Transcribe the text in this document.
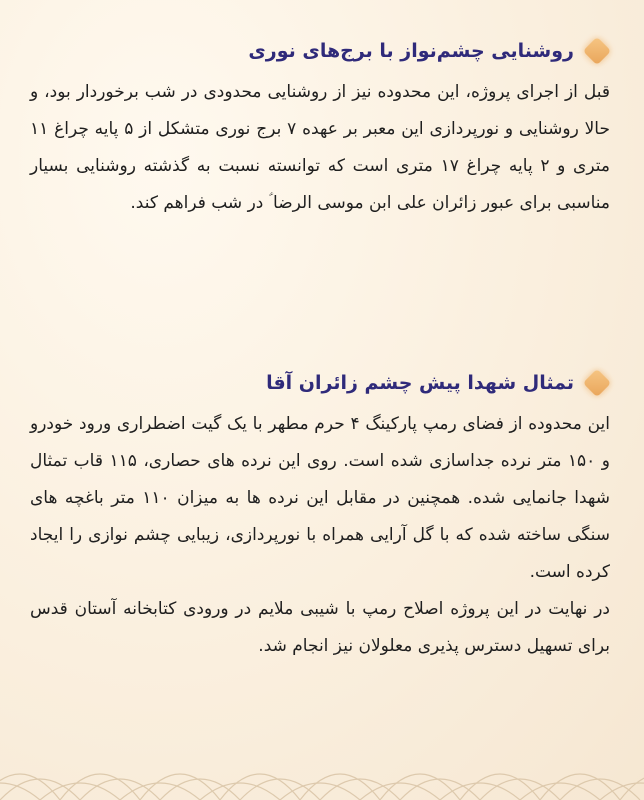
روشنایی چشم‌نواز با برج‌های نوری

قبل از اجرای پروژه، این محدوده نیز از روشنایی محدودی در شب برخوردار بود، و حالا روشنایی و نورپردازی این معبر بر عهده ۷ برج نوری متشکل از ۵ پایه چراغ ۱۱ متری و ۲ پایه چراغ ۱۷ متری است که توانسته نسبت به گذشته روشنایی بسیار مناسبی برای عبور زائران علی ابن موسی الرضا ؑ در شب فراهم کند.

تمثال شهدا پیش چشم زائران آقا

این محدوده از فضای رمپ پارکینگ ۴ حرم مطهر با یک گیت اضطراری ورود خودرو و ۱۵۰ متر نرده جداسازی شده است. روی این نرده های حصاری، ۱۱۵ قاب تمثال شهدا جانمایی شده. همچنین در مقابل این نرده ها به میزان ۱۱۰ متر باغچه های سنگی ساخته شده که با گل آرایی همراه با نورپردازی، زیبایی چشم نوازی را ایجاد کرده است.

در نهایت در این پروژه اصلاح رمپ با شیبی ملایم در ورودی کتابخانه آستان قدس برای تسهیل دسترس پذیری معلولان نیز انجام شد.
